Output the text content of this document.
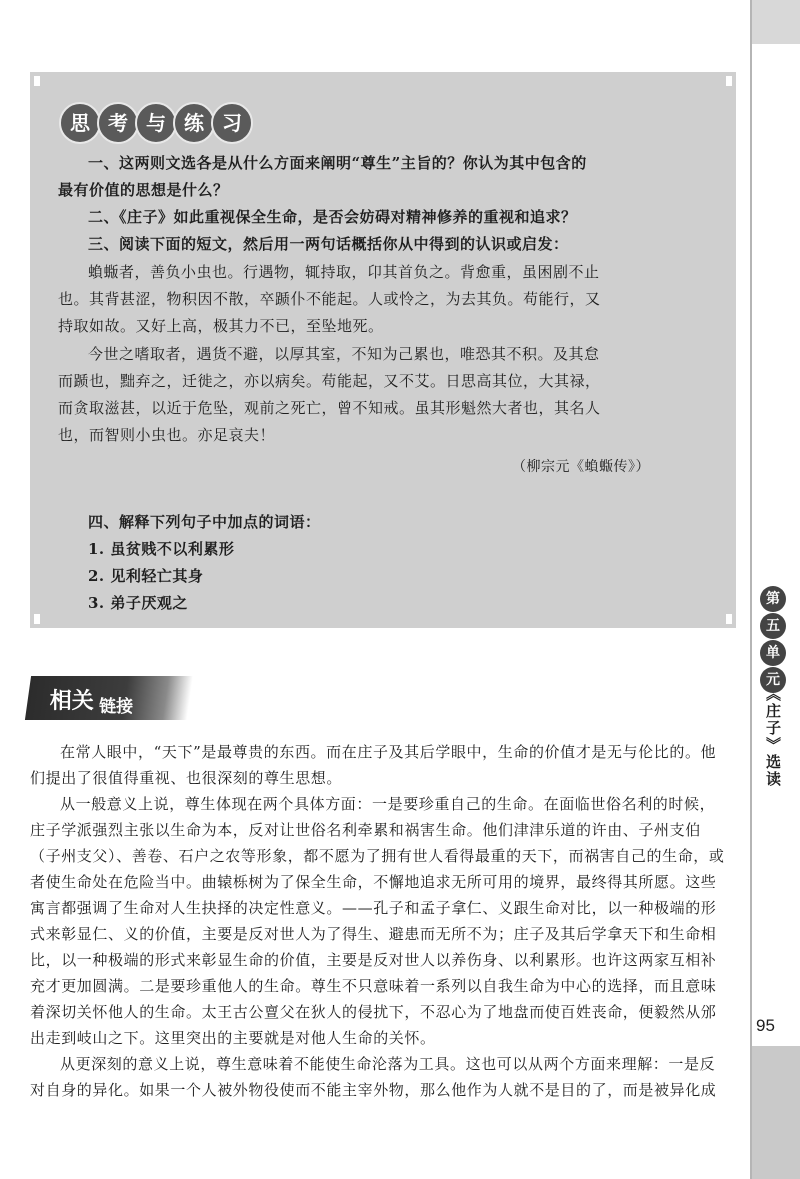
思 考 与 练 习
一、这两则文选各是从什么方面来阐明“尊生”主旨的？你认为其中包含的
最有价值的思想是什么？
二、《庄子》如此重视保全生命，是否会妨碍对精神修养的重视和追求？
三、阅读下面的短文，然后用一两句话概括你从中得到的认识或启发：
蝜蝂者，善负小虫也。行遇物，辄持取，卬其首负之。背愈重，虽困剧不止
也。其背甚涩，物积因不散，卒踬仆不能起。人或怜之，为去其负。苟能行，又
持取如故。又好上高，极其力不已，至坠地死。
今世之嗜取者，遇货不避，以厚其室，不知为己累也，唯恐其不积。及其怠
而踬也，黜弃之，迁徙之，亦以病矣。苟能起，又不艾。日思高其位，大其禄，
而贪取滋甚，以近于危坠，观前之死亡，曾不知戒。虽其形魁然大者也，其名人
也，而智则小虫也。亦足哀夫！
（柳宗元《蝜蝂传》）
四、解释下列句子中加点的词语：
1. 虽贫贱不以利累形
2. 见利轻亡其身
3. 弟子厌观之
相关 链接
在常人眼中，“天下”是最尊贵的东西。而在庄子及其后学眼中，生命的价值才是无与伦比的。他
们提出了很值得重视、也很深刻的尊生思想。
从一般意义上说，尊生体现在两个具体方面：一是要珍重自己的生命。在面临世俗名利的时候，
庄子学派强烈主张以生命为本，反对让世俗名利牵累和祸害生命。他们津津乐道的许由、子州支伯
（子州支父）、善卷、石户之农等形象，都不愿为了拥有世人看得最重的天下，而祸害自己的生命，或
者使生命处在危险当中。曲辕栎树为了保全生命，不懈地追求无所可用的境界，最终得其所愿。这些
寓言都强调了生命对人生抉择的决定性意义。——孔子和孟子拿仁、义跟生命对比，以一种极端的形
式来彰显仁、义的价值，主要是反对世人为了得生、避患而无所不为；庄子及其后学拿天下和生命相
比，以一种极端的形式来彰显生命的价值，主要是反对世人以养伤身、以利累形。也许这两家互相补
充才更加圆满。二是要珍重他人的生命。尊生不只意味着一系列以自我生命为中心的选择，而且意味
着深切关怀他人的生命。太王古公亶父在狄人的侵扰下，不忍心为了地盘而使百姓丧命，便毅然从邠
出走到岐山之下。这里突出的主要就是对他人生命的关怀。
从更深刻的意义上说，尊生意味着不能使生命沦落为工具。这也可以从两个方面来理解：一是反
对自身的异化。如果一个人被外物役使而不能主宰外物，那么他作为人就不是目的了，而是被异化成
第
五
单
元
《庄子》选读
95
